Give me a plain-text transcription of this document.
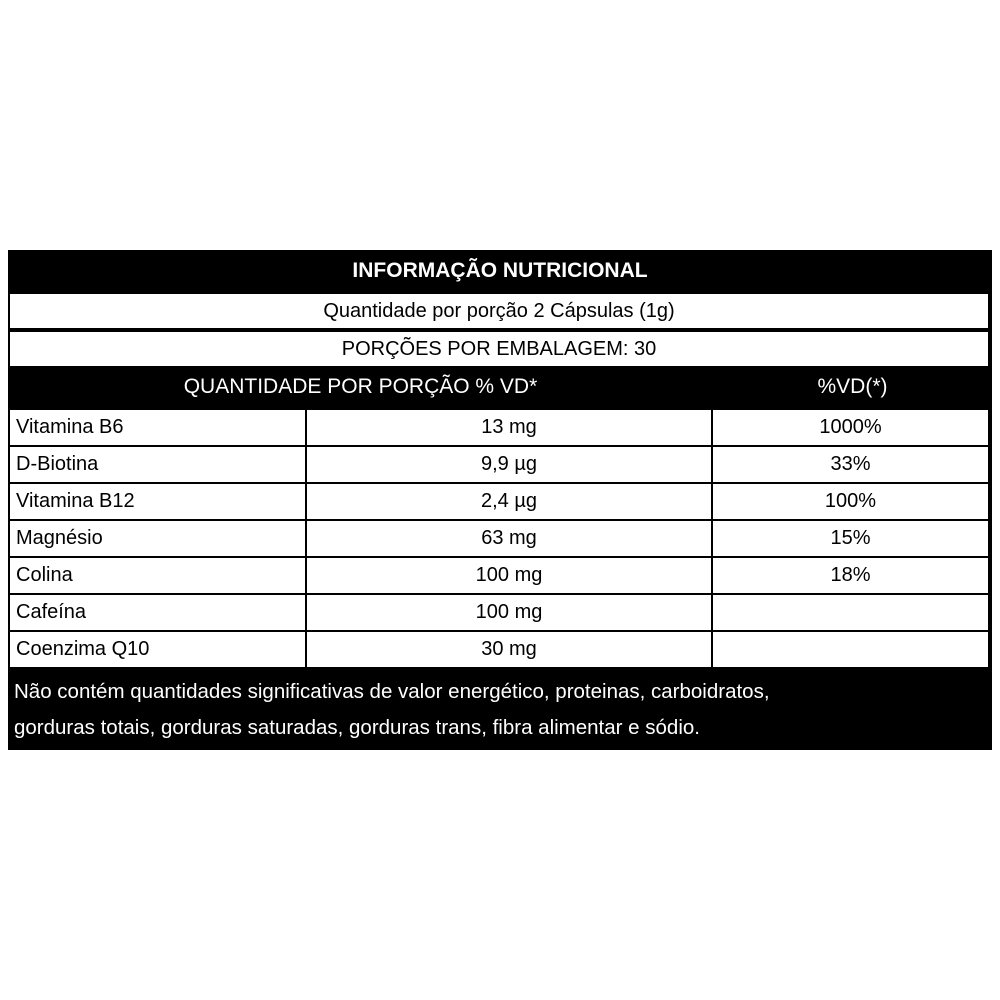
INFORMAÇÃO NUTRICIONAL
Quantidade por porção 2 Cápsulas (1g)
PORÇÕES POR EMBALAGEM: 30
QUANTIDADE POR PORÇÃO % VD*	%VD(*)
Vitamina B6	13 mg	1000%
D-Biotina	9,9 µg	33%
Vitamina B12	2,4 µg	100%
Magnésio	63 mg	15%
Colina	100 mg	18%
Cafeína	100 mg
Coenzima Q10	30 mg
Não contém quantidades significativas de valor energético, proteinas, carboidratos,
gorduras totais, gorduras saturadas, gorduras trans, fibra alimentar e sódio.
